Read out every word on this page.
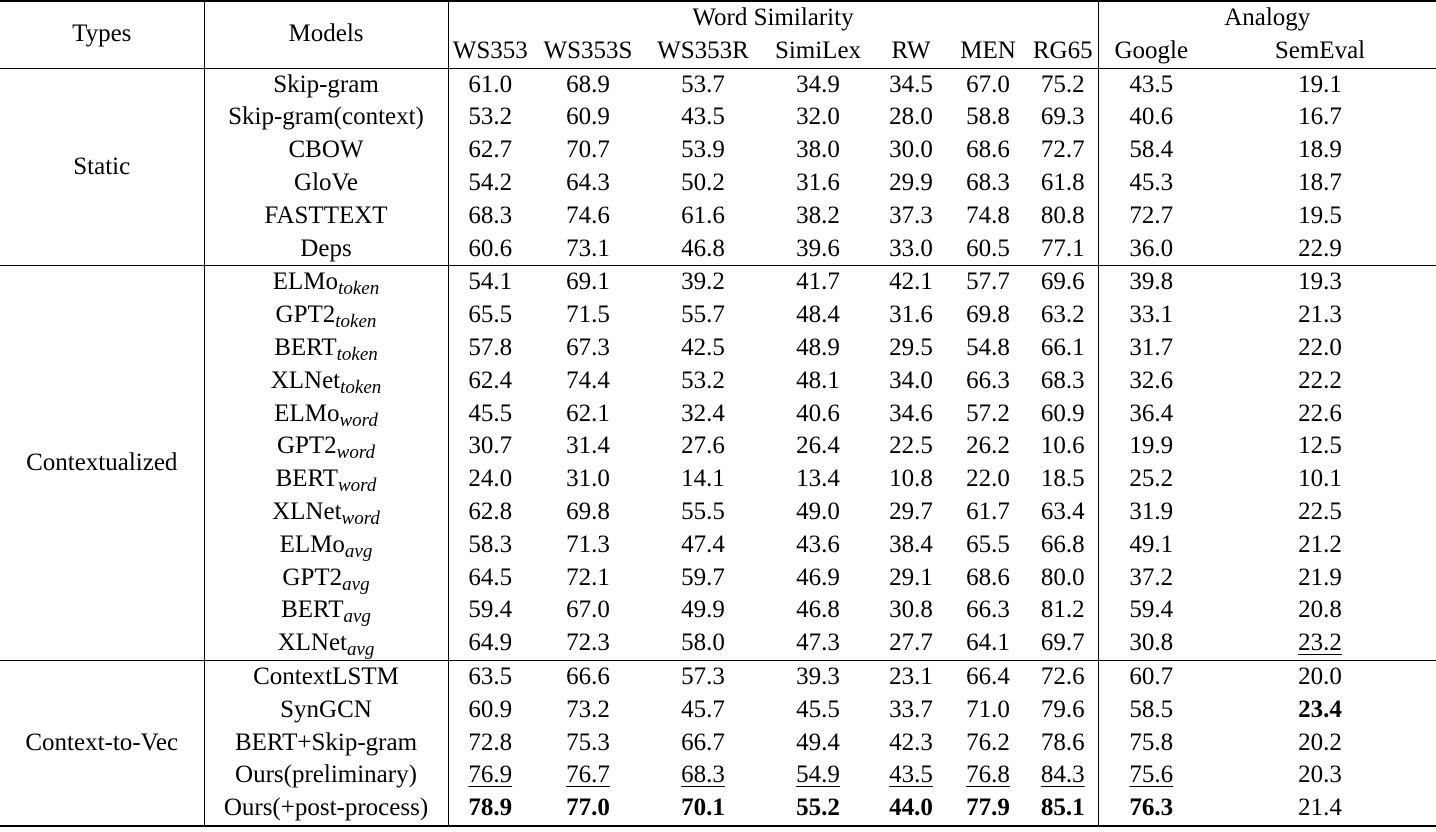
Types	Models	Word Similarity							Analogy	
		WS353	WS353S	WS353R	SimiLex	RW	MEN	RG65	Google	SemEval
Static	Skip-gram	61.0	68.9	53.7	34.9	34.5	67.0	75.2	43.5	19.1
	Skip-gram(context)	53.2	60.9	43.5	32.0	28.0	58.8	69.3	40.6	16.7
	CBOW	62.7	70.7	53.9	38.0	30.0	68.6	72.7	58.4	18.9
	GloVe	54.2	64.3	50.2	31.6	29.9	68.3	61.8	45.3	18.7
	FASTTEXT	68.3	74.6	61.6	38.2	37.3	74.8	80.8	72.7	19.5
	Deps	60.6	73.1	46.8	39.6	33.0	60.5	77.1	36.0	22.9
Contextualized	ELMo$_{token}$	54.1	69.1	39.2	41.7	42.1	57.7	69.6	39.8	19.3
	$GPT2_{token}$	65.5	71.5	55.7	48.4	31.6	69.8	63.2	33.1	21.3
	$BERT_{token}$	57.8	67.3	42.5	48.9	29.5	54.8	66.1	31.7	22.0
	XLNet$_{token}$	62.4	74.4	53.2	48.1	34.0	66.3	68.3	32.6	22.2
	ELMo$_{word}$	45.5	62.1	32.4	40.6	34.6	57.2	60.9	36.4	22.6
	$GPT2_{word}$	30.7	31.4	27.6	26.4	22.5	26.2	10.6	19.9	12.5
	$BERT_{word}$	24.0	31.0	14.1	13.4	10.8	22.0	18.5	25.2	10.1
	XLNet$_{word}$	62.8	69.8	55.5	49.0	29.7	61.7	63.4	31.9	22.5
	ELMo$_{avg}$	58.3	71.3	47.4	43.6	38.4	65.5	66.8	49.1	21.2
	$GPT2_{avg}$	64.5	72.1	59.7	46.9	29.1	68.6	80.0	37.2	21.9
	$BERT_{avg}$	59.4	67.0	49.9	46.8	30.8	66.3	81.2	59.4	20.8
	XLNet$_{avg}$	64.9	72.3	58.0	47.3	27.7	64.1	69.7	30.8	23.2
Context-to-Vec	ContextLSTM	63.5	66.6	57.3	39.3	23.1	66.4	72.6	60.7	20.0
	SynGCN	60.9	73.2	45.7	45.5	33.7	71.0	79.6	58.5	23.4
	BERT+Skip-gram	72.8	75.3	66.7	49.4	42.3	76.2	78.6	75.8	20.2
	Ours(preliminary)	76.9	76.7	68.3	54.9	43.5	76.8	84.3	75.6	20.3
	Ours(+post-process)	78.9	77.0	70.1	55.2	44.0	77.9	85.1	76.3	21.4
